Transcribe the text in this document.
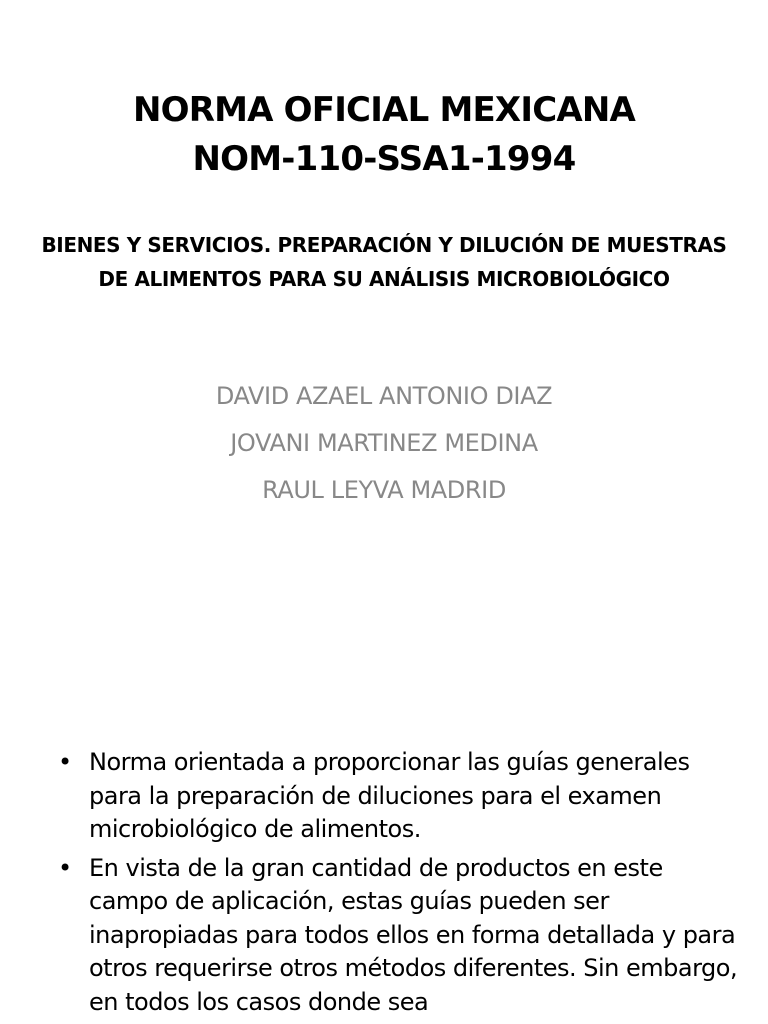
NORMA OFICIAL MEXICANA
NOM-110-SSA1-1994
BIENES Y SERVICIOS. PREPARACIÓN Y DILUCIÓN DE MUESTRAS DE ALIMENTOS PARA SU ANÁLISIS MICROBIOLÓGICO
DAVID AZAEL ANTONIO DIAZ
JOVANI MARTINEZ MEDINA
RAUL LEYVA MADRID
• Norma orientada a proporcionar las guías generales para la preparación de diluciones para el examen microbiológico de alimentos.
• En vista de la gran cantidad de productos en este campo de aplicación, estas guías pueden ser inapropiadas para todos ellos en forma detallada y para otros requerirse otros métodos diferentes. Sin embargo, en todos los casos donde sea
